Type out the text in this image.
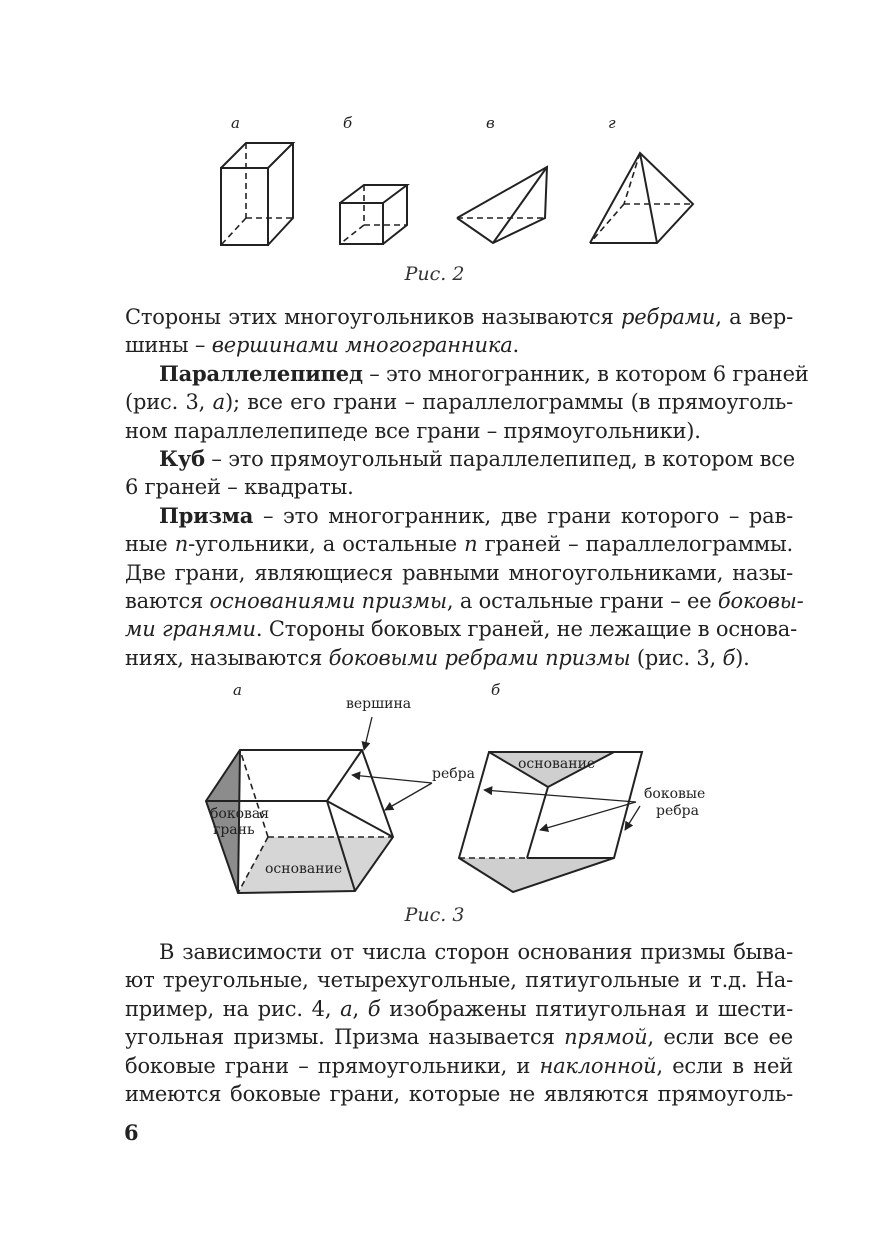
а	б	в	г
Рис. 2
Стороны этих многоугольников называются ребрами, а вер-
шины – вершинами многогранника.
Параллелепипед – это многогранник, в котором 6 граней
(рис. 3, а); все его грани – параллелограммы (в прямоуголь-
ном параллелепипеде все грани – прямоугольники).
Куб – это прямоугольный параллелепипед, в котором все
6 граней – квадраты.
Призма – это многогранник, две грани которого – рав-
ные n-угольники, а остальные n граней – параллелограммы.
Две грани, являющиеся равными многоугольниками, назы-
ваются основаниями призмы, а остальные грани – ее боковы-
ми гранями. Стороны боковых граней, не лежащие в основа-
ниях, называются боковыми ребрами призмы (рис. 3, б).
а	б
вершина
ребра
боковая
грань
основание
основание
боковые
ребра
Рис. 3
В зависимости от числа сторон основания призмы быва-
ют треугольные, четырехугольные, пятиугольные и т.д. На-
пример, на рис. 4, а, б изображены пятиугольная и шести-
угольная призмы. Призма называется прямой, если все ее
боковые грани – прямоугольники, и наклонной, если в ней
имеются боковые грани, которые не являются прямоуголь-
6
